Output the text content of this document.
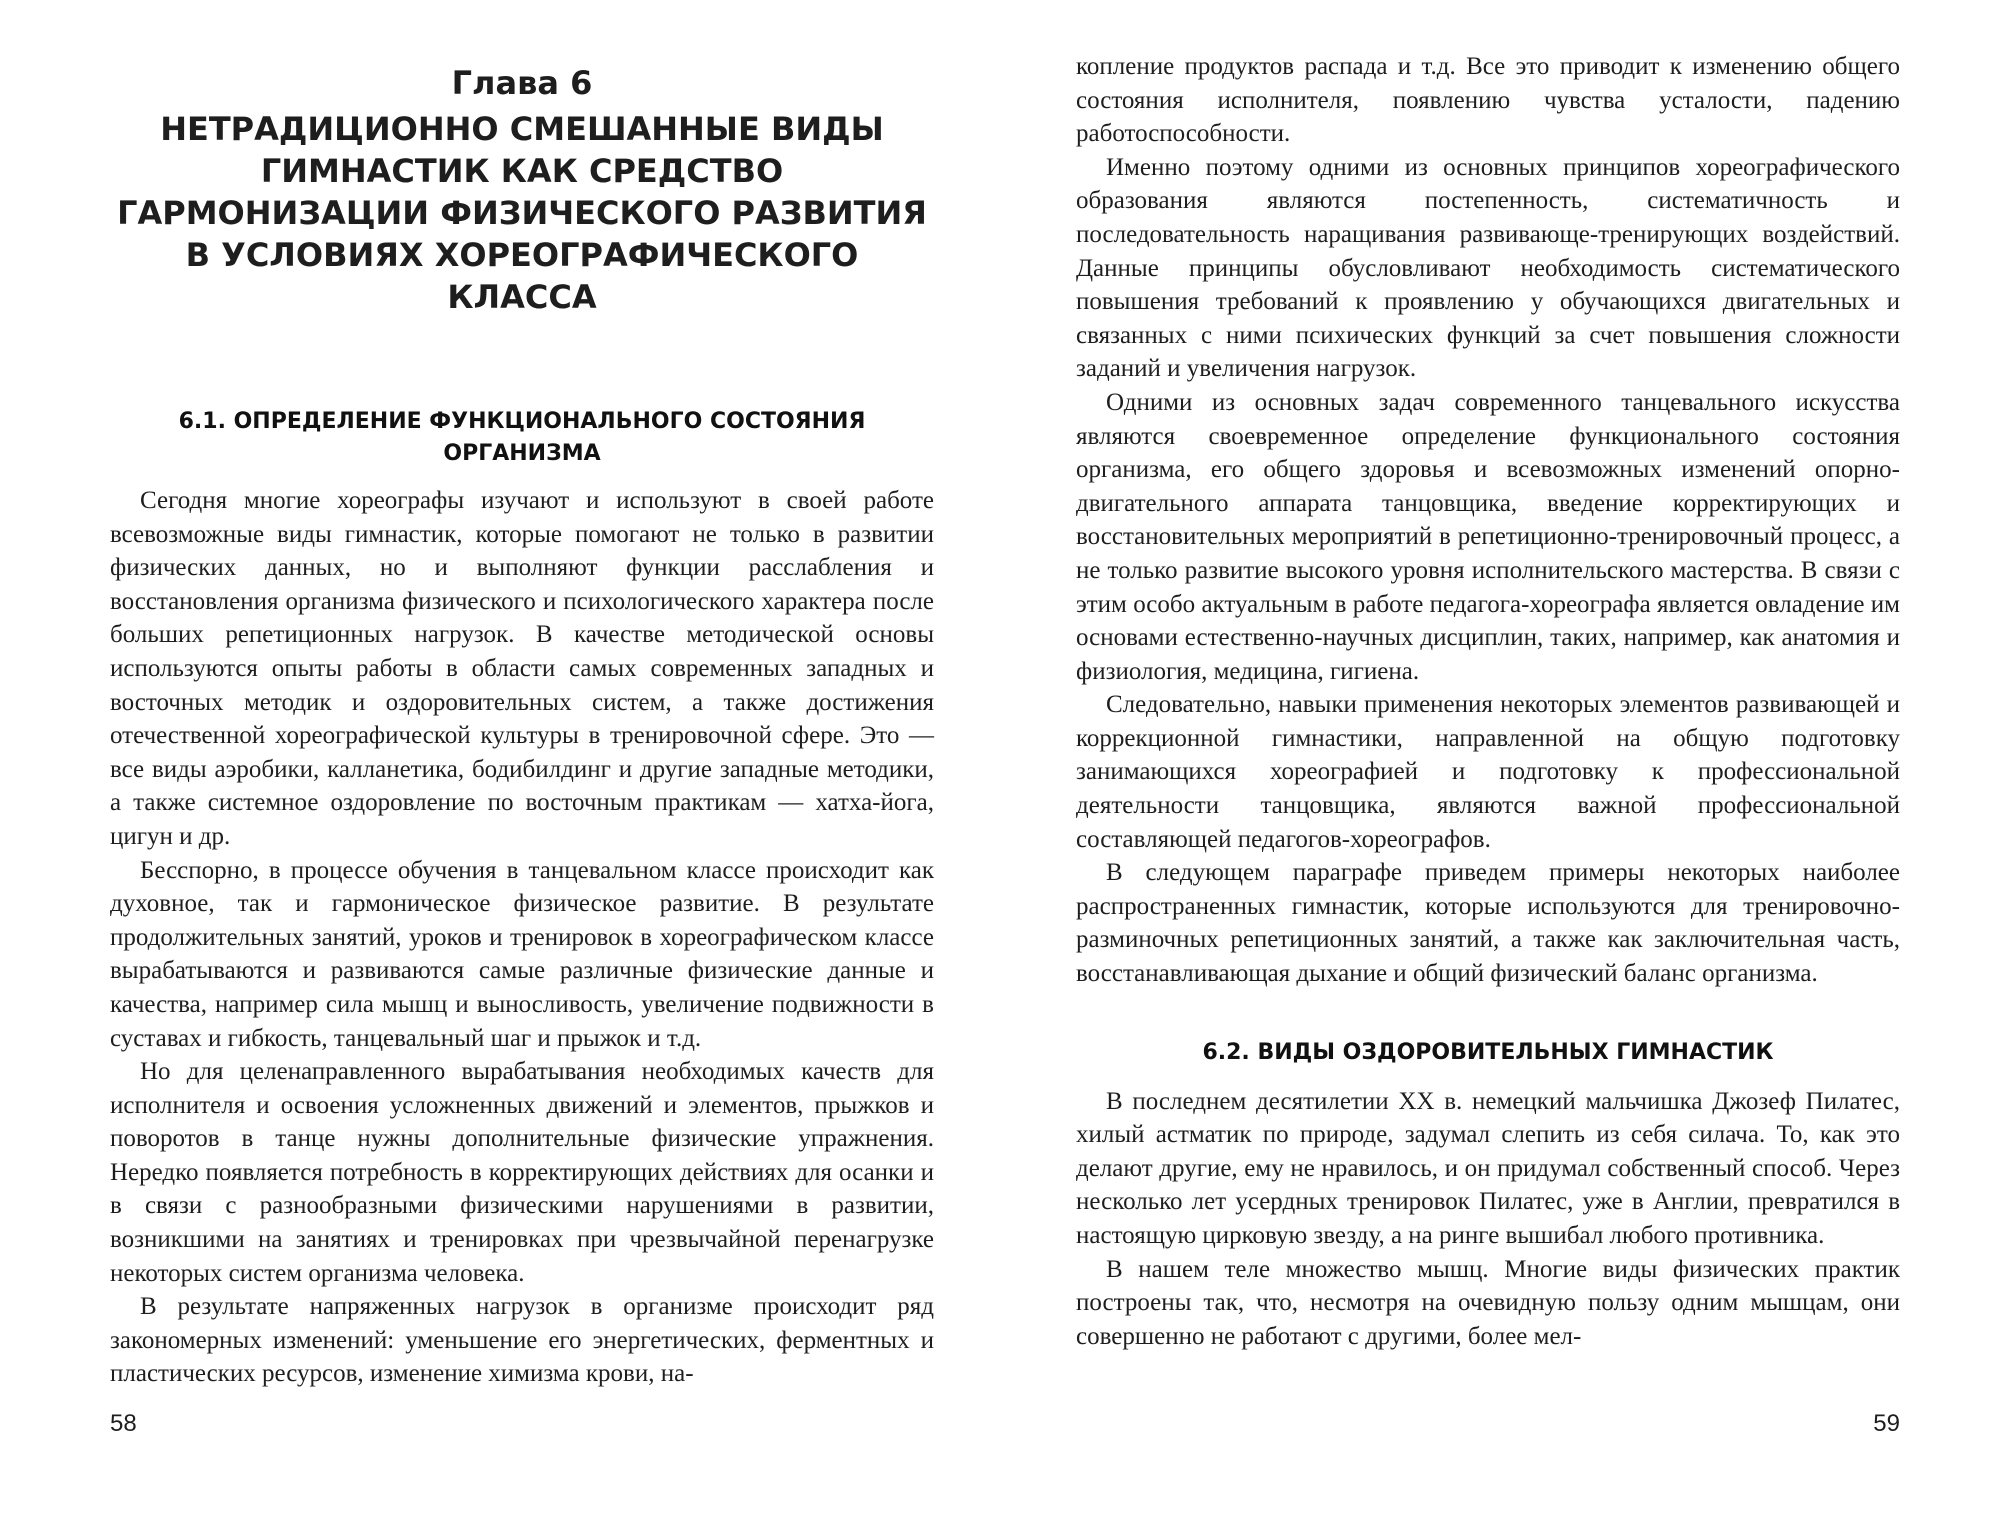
Глава 6
НЕТРАДИЦИОННО СМЕШАННЫЕ ВИДЫ ГИМНАСТИК КАК СРЕДСТВО ГАРМОНИЗАЦИИ ФИЗИЧЕСКОГО РАЗВИТИЯ В УСЛОВИЯХ ХОРЕОГРАФИЧЕСКОГО КЛАССА
6.1. ОПРЕДЕЛЕНИЕ ФУНКЦИОНАЛЬНОГО СОСТОЯНИЯ ОРГАНИЗМА

Сегодня многие хореографы изучают и используют в своей работе всевозможные виды гимнастик, которые помогают не только в развитии физических данных, но и выполняют функции расслабления и восстановления организма физического и психологического характера после больших репетиционных нагрузок. В качестве методической основы используются опыты работы в области самых современных западных и восточных методик и оздоровительных систем, а также достижения отечественной хореографической культуры в тренировочной сфере. Это — все виды аэробики, калланетика, бодибилдинг и другие западные методики, а также системное оздоровление по восточным практикам — хатха-йога, цигун и др.

Бесспорно, в процессе обучения в танцевальном классе происходит как духовное, так и гармоническое физическое развитие. В результате продолжительных занятий, уроков и тренировок в хореографическом классе вырабатываются и развиваются самые различные физические данные и качества, например сила мышц и выносливость, увеличение подвижности в суставах и гибкость, танцевальный шаг и прыжок и т.д.

Но для целенаправленного вырабатывания необходимых качеств для исполнителя и освоения усложненных движений и элементов, прыжков и поворотов в танце нужны дополнительные физические упражнения. Нередко появляется потребность в корректирующих действиях для осанки и в связи с разнообразными физическими нарушениями в развитии, возникшими на занятиях и тренировках при чрезвычайной перенагрузке некоторых систем организма человека.

В результате напряженных нагрузок в организме происходит ряд закономерных изменений: уменьшение его энергетических, ферментных и пластических ресурсов, изменение химизма крови, на-

58

копление продуктов распада и т.д. Все это приводит к изменению общего состояния исполнителя, появлению чувства усталости, падению работоспособности.

Именно поэтому одними из основных принципов хореографического образования являются постепенность, систематичность и последовательность наращивания развивающе-тренирующих воздействий. Данные принципы обусловливают необходимость систематического повышения требований к проявлению у обучающихся двигательных и связанных с ними психических функций за счет повышения сложности заданий и увеличения нагрузок.

Одними из основных задач современного танцевального искусства являются своевременное определение функционального состояния организма, его общего здоровья и всевозможных изменений опорно-двигательного аппарата танцовщика, введение корректирующих и восстановительных мероприятий в репетиционно-тренировочный процесс, а не только развитие высокого уровня исполнительского мастерства. В связи с этим особо актуальным в работе педагога-хореографа является овладение им основами естественно-научных дисциплин, таких, например, как анатомия и физиология, медицина, гигиена.

Следовательно, навыки применения некоторых элементов развивающей и коррекционной гимнастики, направленной на общую подготовку занимающихся хореографией и подготовку к профессиональной деятельности танцовщика, являются важной профессиональной составляющей педагогов-хореографов.

В следующем параграфе приведем примеры некоторых наиболее распространенных гимнастик, которые используются для тренировочно-разминочных репетиционных занятий, а также как заключительная часть, восстанавливающая дыхание и общий физический баланс организма.

6.2. ВИДЫ ОЗДОРОВИТЕЛЬНЫХ ГИМНАСТИК

В последнем десятилетии XX в. немецкий мальчишка Джозеф Пилатес, хилый астматик по природе, задумал слепить из себя силача. То, как это делают другие, ему не нравилось, и он придумал собственный способ. Через несколько лет усердных тренировок Пилатес, уже в Англии, превратился в настоящую цирковую звезду, а на ринге вышибал любого противника.

В нашем теле множество мышц. Многие виды физических практик построены так, что, несмотря на очевидную пользу одним мышцам, они совершенно не работают с другими, более мел-

59
